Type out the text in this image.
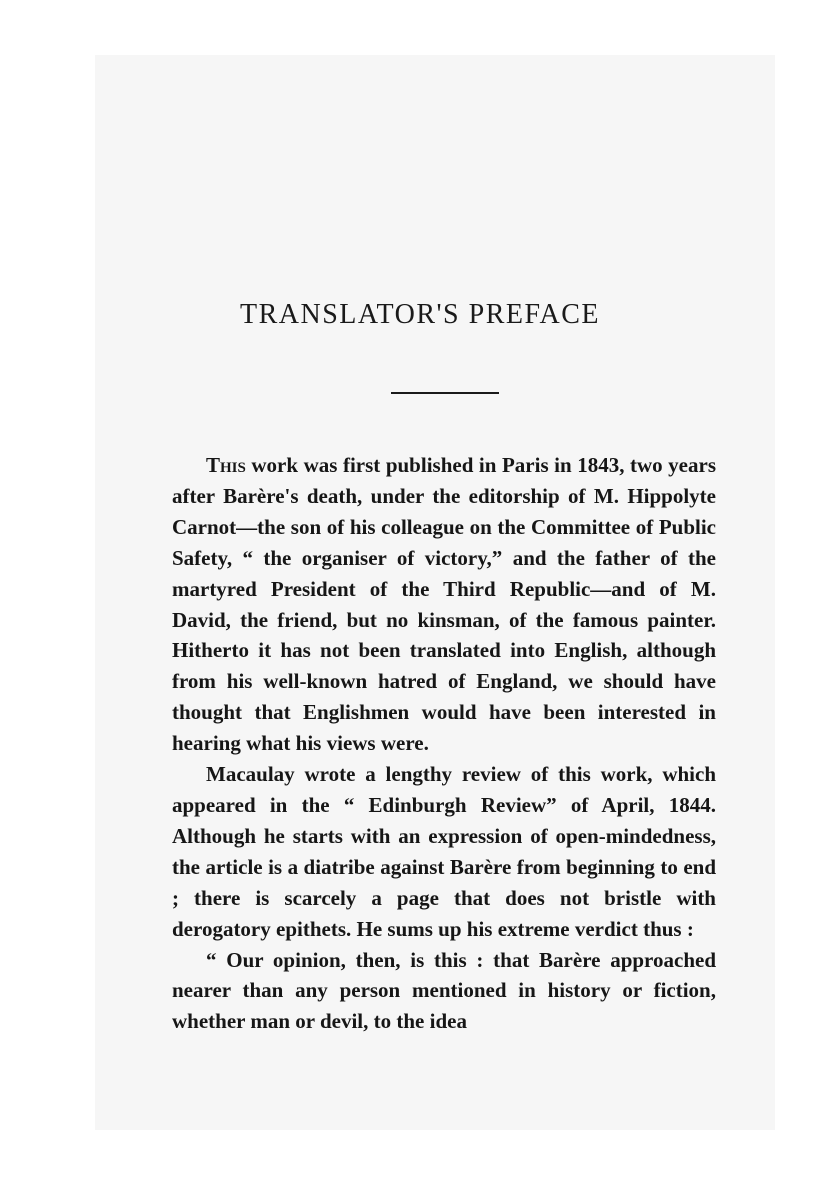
TRANSLATOR'S PREFACE

This work was first published in Paris in 1843, two years after Barère's death, under the editorship of M. Hippolyte Carnot—the son of his colleague on the Committee of Public Safety, “ the organiser of victory,” and the father of the martyred President of the Third Republic—and of M. David, the friend, but no kinsman, of the famous painter. Hitherto it has not been translated into English, although from his well-known hatred of England, we should have thought that Englishmen would have been interested in hearing what his views were.

Macaulay wrote a lengthy review of this work, which appeared in the “ Edinburgh Review” of April, 1844. Although he starts with an expression of open-mindedness, the article is a diatribe against Barère from beginning to end ; there is scarcely a page that does not bristle with derogatory epithets. He sums up his extreme verdict thus :

“ Our opinion, then, is this : that Barère approached nearer than any person mentioned in history or fiction, whether man or devil, to the idea
